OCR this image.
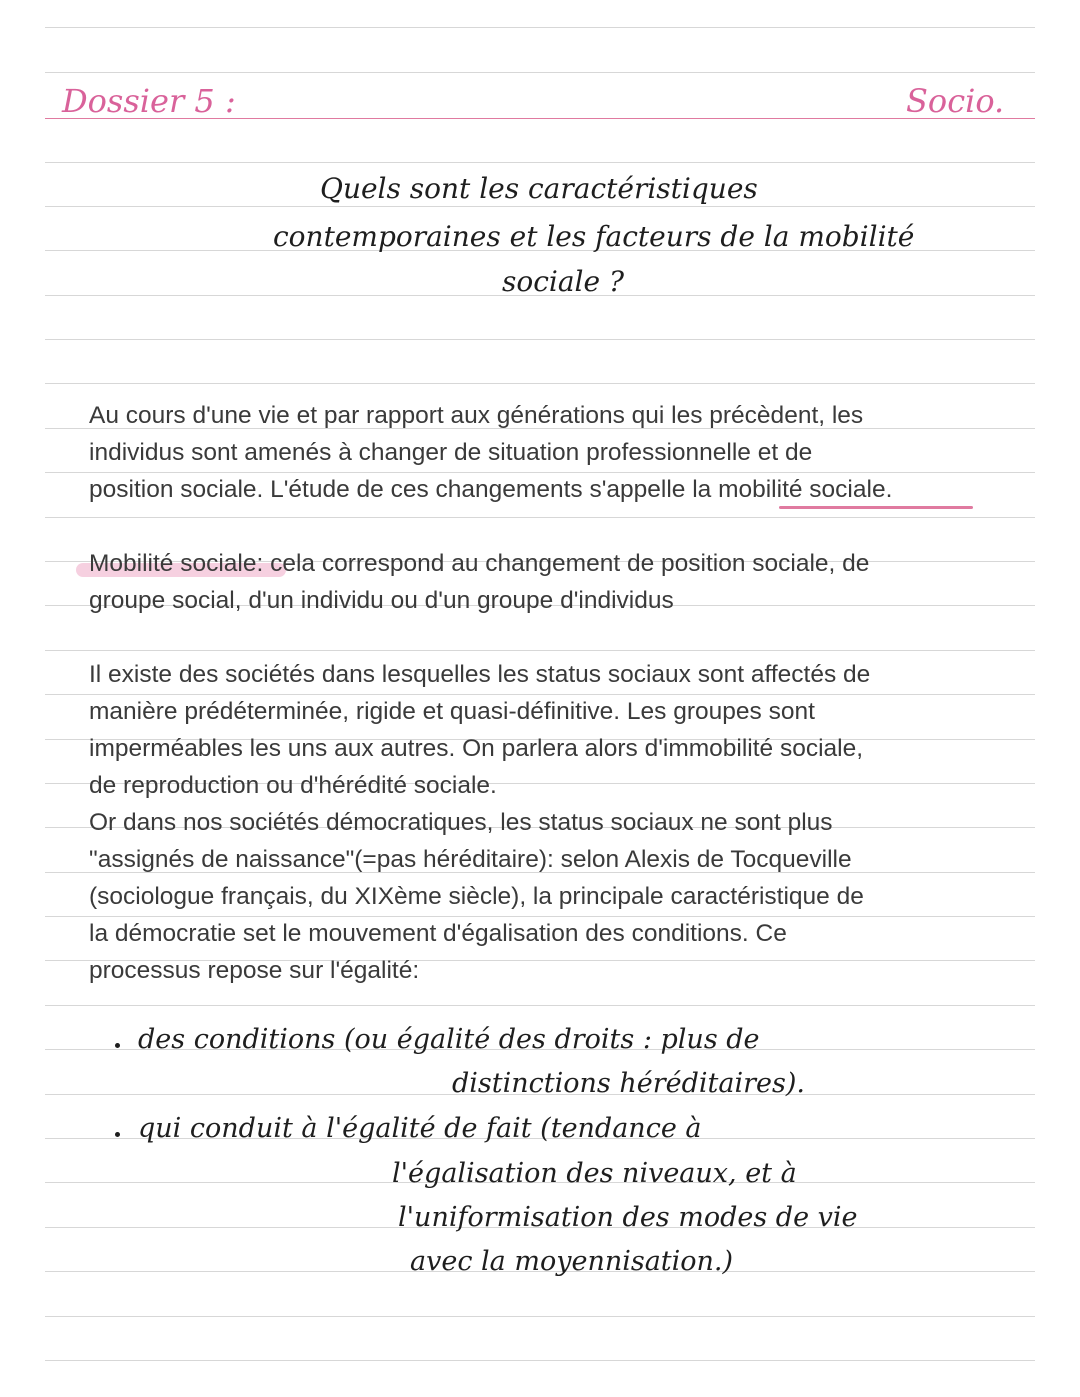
Dossier 5 :	Socio.
Quels sont les caractéristiques
contemporaines et les facteurs de la mobilité
sociale ?
Au cours d'une vie et par rapport aux générations qui les précèdent, les
individus sont amenés à changer de situation professionnelle et de
position sociale. L'étude de ces changements s'appelle la mobilité sociale.
Mobilité sociale: cela correspond au changement de position sociale, de
groupe social, d'un individu ou d'un groupe d'individus
Il existe des sociétés dans lesquelles les status sociaux sont affectés de
manière prédéterminée, rigide et quasi-définitive. Les groupes sont
imperméables les uns aux autres. On parlera alors d'immobilité sociale,
de reproduction ou d'hérédité sociale.
Or dans nos sociétés démocratiques, les status sociaux ne sont plus
"assignés de naissance"(=pas héréditaire): selon Alexis de Tocqueville
(sociologue français, du XIXème siècle), la principale caractéristique de
la démocratie set le mouvement d'égalisation des conditions. Ce
processus repose sur l'égalité:
des conditions (ou égalité des droits : plus de
distinctions héréditaires).
qui conduit à l'égalité de fait (tendance à
l'égalisation des niveaux, et à
l'uniformisation des modes de vie
avec la moyennisation.)
